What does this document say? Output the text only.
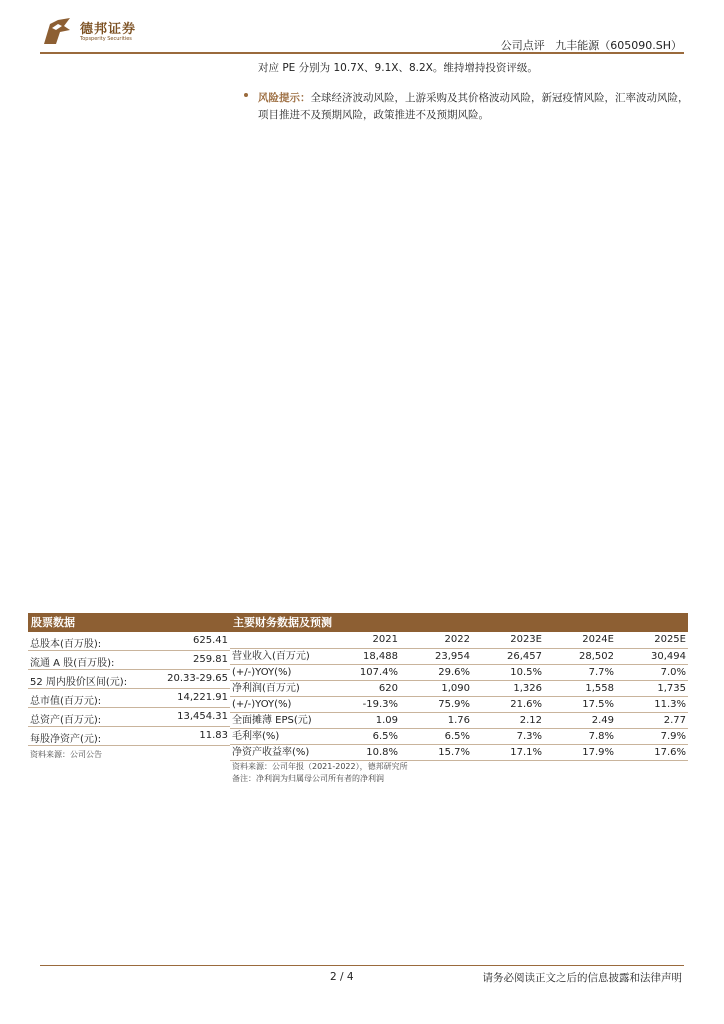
德邦证券
Topsperity Securities	公司点评 九丰能源（605090.SH）
对应 PE 分别为 10.7X、9.1X、8.2X。维持增持投资评级。
风险提示：全球经济波动风险，上游采购及其价格波动风险，新冠疫情风险，汇率波动风险，项目推进不及预期风险，政策推进不及预期风险。
股票数据
总股本(百万股):	625.41
流通 A 股(百万股):	259.81
52 周内股价区间(元):	20.33-29.65
总市值(百万元):	14,221.91
总资产(百万元):	13,454.31
每股净资产(元):	11.83
资料来源：公司公告
主要财务数据及预测
2021	2022	2023E	2024E	2025E
营业收入(百万元)	18,488	23,954	26,457	28,502	30,494
(+/-)YOY(%)	107.4%	29.6%	10.5%	7.7%	7.0%
净利润(百万元)	620	1,090	1,326	1,558	1,735
(+/-)YOY(%)	-19.3%	75.9%	21.6%	17.5%	11.3%
全面摊薄 EPS(元)	1.09	1.76	2.12	2.49	2.77
毛利率(%)	6.5%	6.5%	7.3%	7.8%	7.9%
净资产收益率(%)	10.8%	15.7%	17.1%	17.9%	17.6%
资料来源：公司年报（2021-2022），德邦研究所
备注：净利润为归属母公司所有者的净利润
2 / 4	请务必阅读正文之后的信息披露和法律声明
